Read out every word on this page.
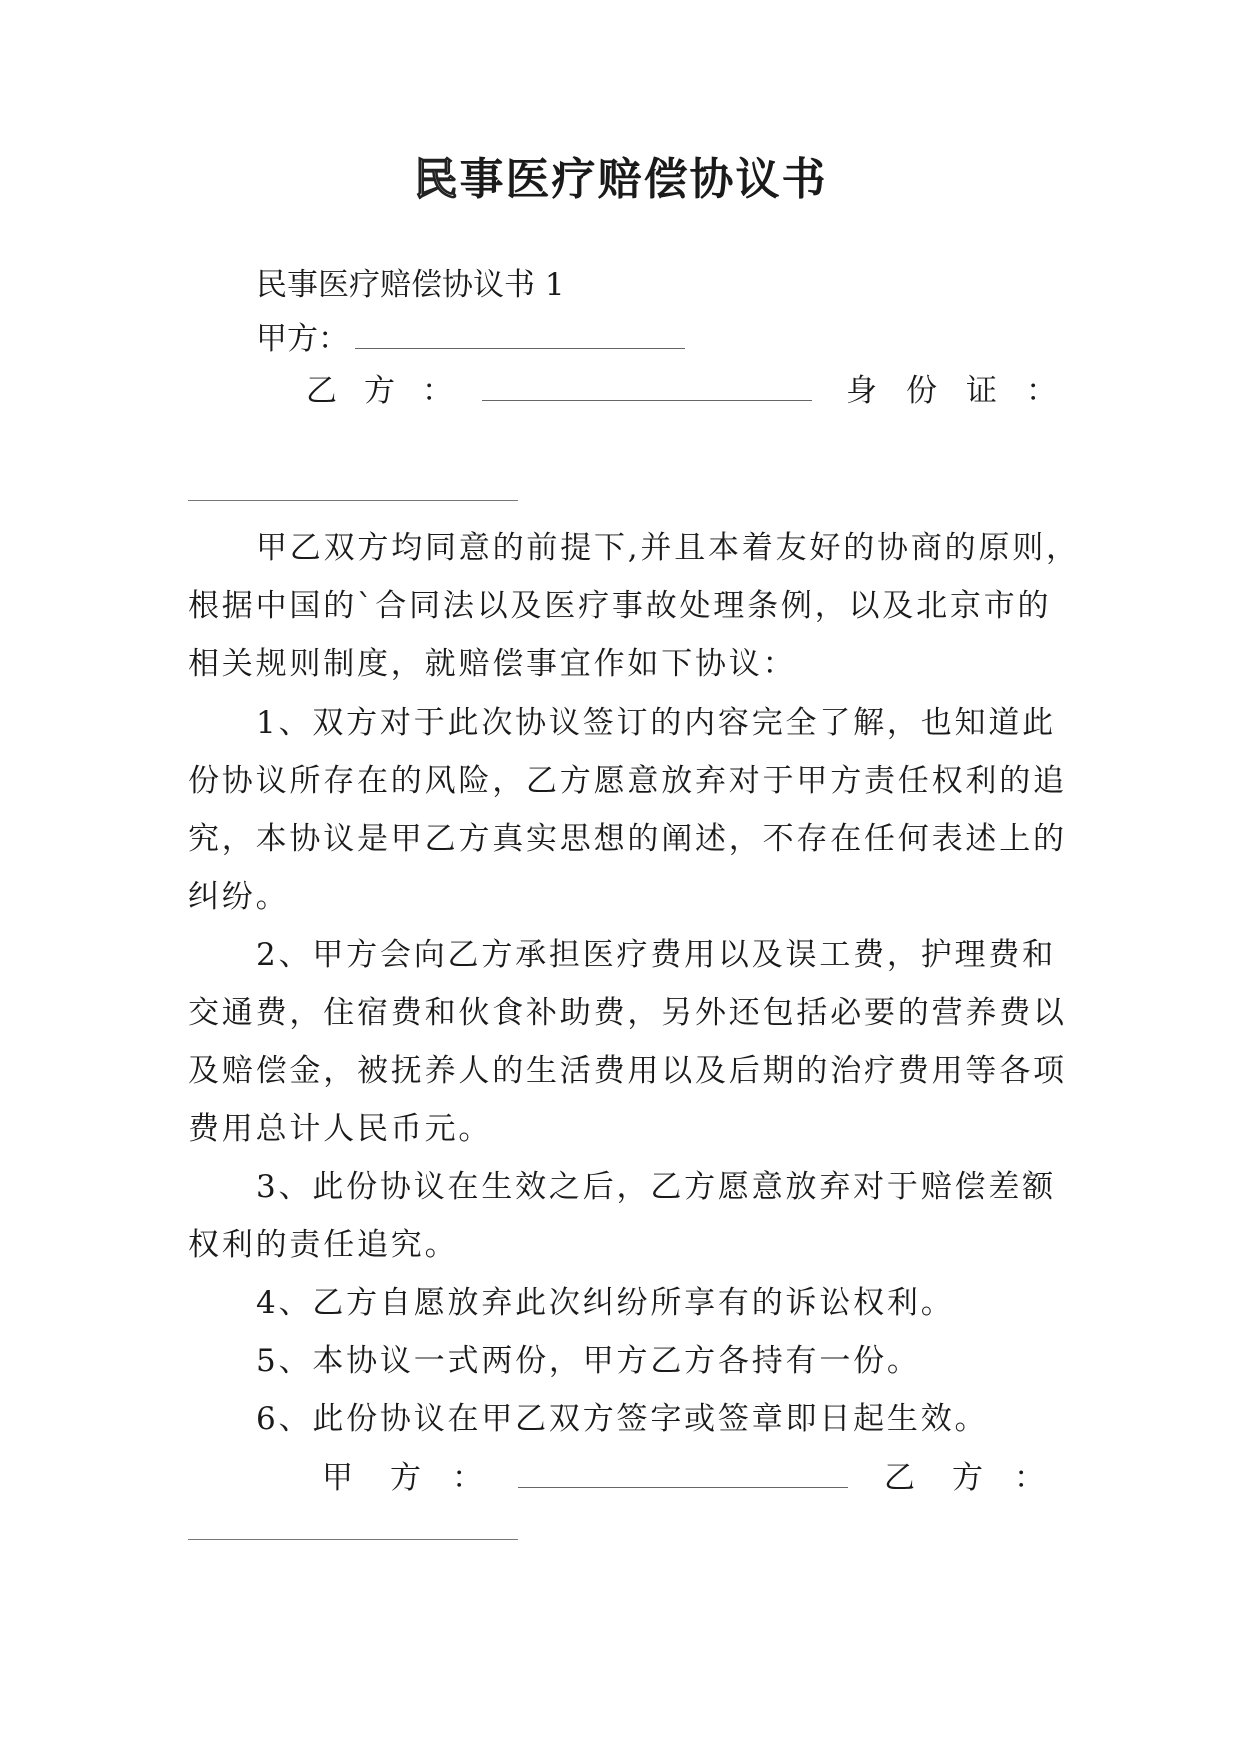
民事医疗赔偿协议书
民事医疗赔偿协议书 1
甲方：
乙 方 ：	身 份 证 ：
甲乙双方均同意的前提下,并且本着友好的协商的原则，
根据中国的`合同法以及医疗事故处理条例，以及北京市的
相关规则制度，就赔偿事宜作如下协议：
1、双方对于此次协议签订的内容完全了解，也知道此
份协议所存在的风险，乙方愿意放弃对于甲方责任权利的追
究，本协议是甲乙方真实思想的阐述，不存在任何表述上的
纠纷。
2、甲方会向乙方承担医疗费用以及误工费，护理费和
交通费，住宿费和伙食补助费，另外还包括必要的营养费以
及赔偿金，被抚养人的生活费用以及后期的治疗费用等各项
费用总计人民币元。
3、此份协议在生效之后，乙方愿意放弃对于赔偿差额
权利的责任追究。
4、乙方自愿放弃此次纠纷所享有的诉讼权利。
5、本协议一式两份，甲方乙方各持有一份。
6、此份协议在甲乙双方签字或签章即日起生效。
甲	方	：	乙	方	：
